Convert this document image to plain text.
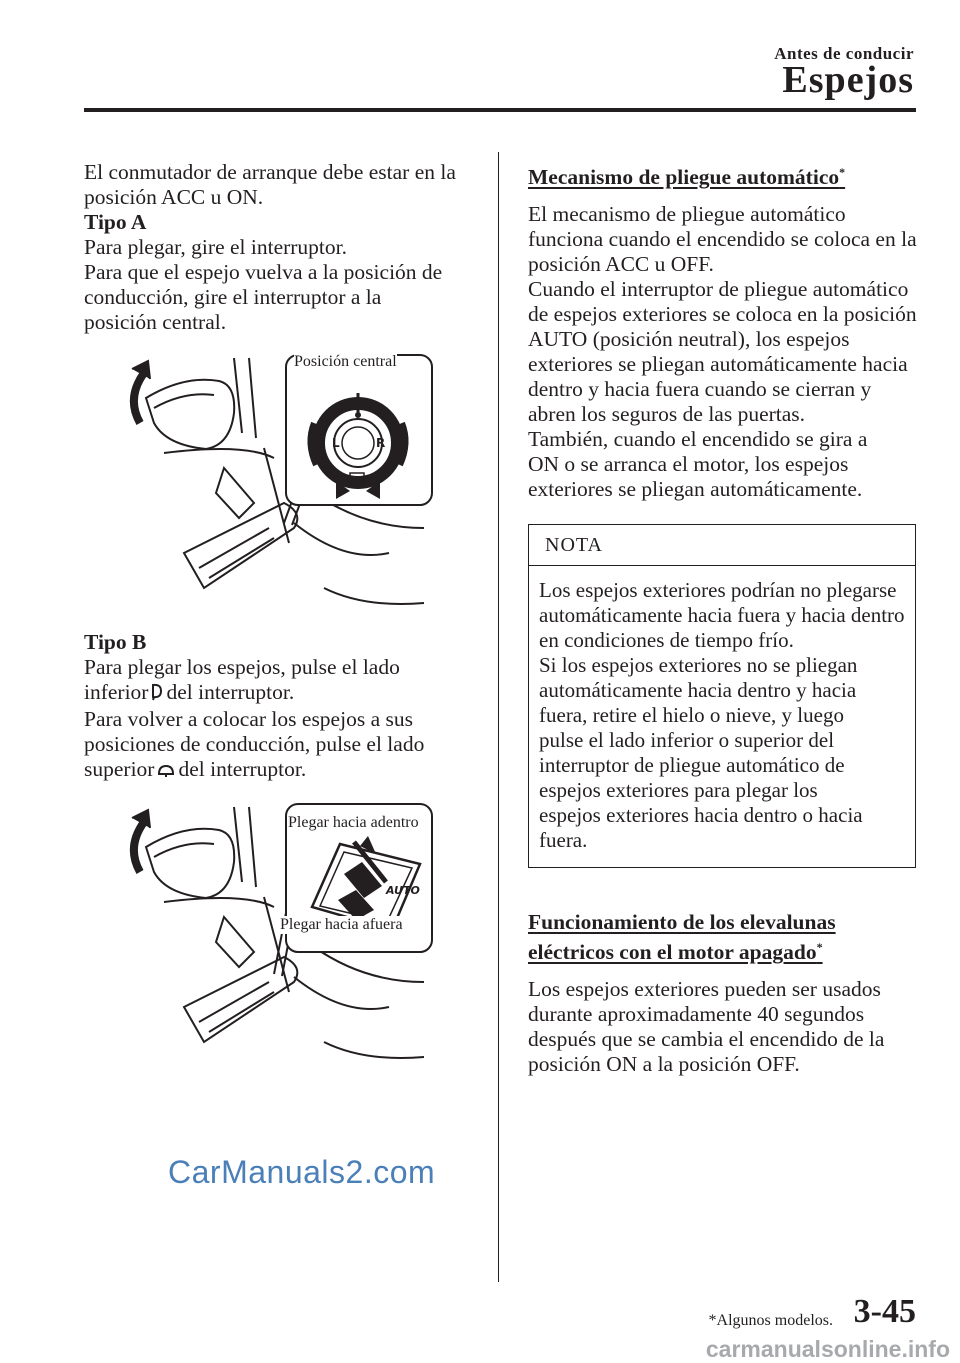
Antes de conducir
Espejos

El conmutador de arranque debe estar en la posición ACC u ON.

Tipo A

Para plegar, gire el interruptor.

Para que el espejo vuelva a la posición de conducción, gire el interruptor a la posición central.

L	R
Posición central

Tipo B

Para plegar los espejos, pulse el lado inferior del interruptor.

Para volver a colocar los espejos a sus posiciones de conducción, pulse el lado superior del interruptor.

AUTO
Plegar hacia adentro
Plegar hacia afuera
Mecanismo de pliegue automático*

El mecanismo de pliegue automático funciona cuando el encendido se coloca en la posición ACC u OFF.

Cuando el interruptor de pliegue automático de espejos exteriores se coloca en la posición AUTO (posición neutral), los espejos exteriores se pliegan automáticamente hacia dentro y hacia fuera cuando se cierran y abren los seguros de las puertas.

También, cuando el encendido se gira a ON o se arranca el motor, los espejos exteriores se pliegan automáticamente.

NOTA

Los espejos exteriores podrían no plegarse automáticamente hacia fuera y hacia dentro en condiciones de tiempo frío.

Si los espejos exteriores no se pliegan automáticamente hacia dentro y hacia fuera, retire el hielo o nieve, y luego pulse el lado inferior o superior del interruptor de pliegue automático de espejos exteriores para plegar los espejos exteriores hacia dentro o hacia fuera.

Funcionamiento de los elevalunas
eléctricos con el motor apagado*

Los espejos exteriores pueden ser usados durante aproximadamente 40 segundos después que se cambia el encendido de la posición ON a la posición OFF.

CarManuals2.com
*Algunos modelos. 3-45
carmanualsonline.info
